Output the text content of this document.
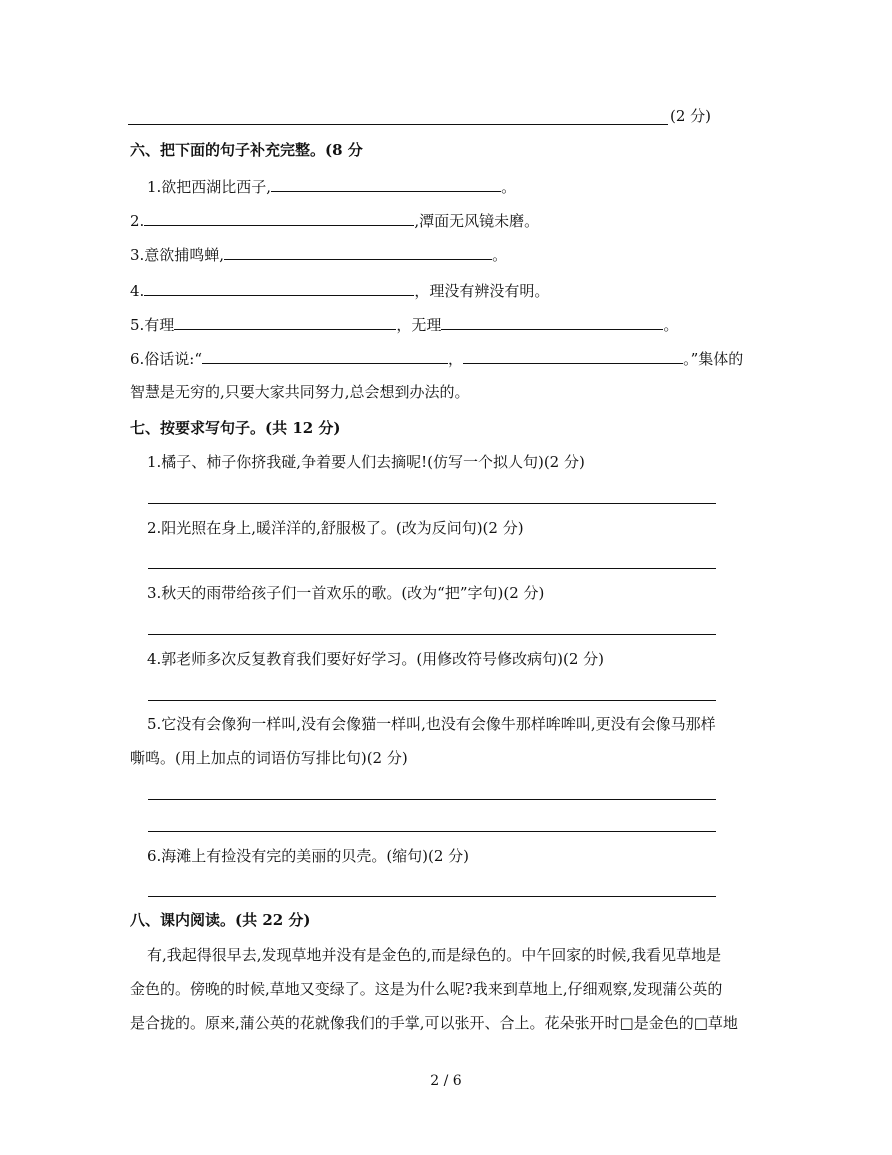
(2 分)
六、把下面的句子补充完整。(8 分
1.欲把西湖比西子,	。
2.	,潭面无风镜未磨。
3.意欲捕鸣蝉,	。
4.	，理没有辨没有明。
5.有理	，无理	。
6.俗话说:“	，	。”集体的
智慧是无穷的,只要大家共同努力,总会想到办法的。
七、按要求写句子。(共 12 分)
1.橘子、柿子你挤我碰,争着要人们去摘呢!(仿写一个拟人句)(2 分)
2.阳光照在身上,暖洋洋的,舒服极了。(改为反问句)(2 分)
3.秋天的雨带给孩子们一首欢乐的歌。(改为“把”字句)(2 分)
4.郭老师多次反复教育我们要好好学习。(用修改符号修改病句)(2 分)
5.它没有会像狗一样叫,没有会像猫一样叫,也没有会像牛那样哞哞叫,更没有会像马那样
嘶鸣。(用上加点的词语仿写排比句)(2 分)
6.海滩上有捡没有完的美丽的贝壳。(缩句)(2 分)
八、课内阅读。(共 22 分)
有,我起得很早去,发现草地并没有是金色的,而是绿色的。中午回家的时候,我看见草地是
金色的。傍晚的时候,草地又变绿了。这是为什么呢?我来到草地上,仔细观察,发现蒲公英的
是合拢的。原来,蒲公英的花就像我们的手掌,可以张开、合上。花朵张开时□是金色的□草地
2 / 6
